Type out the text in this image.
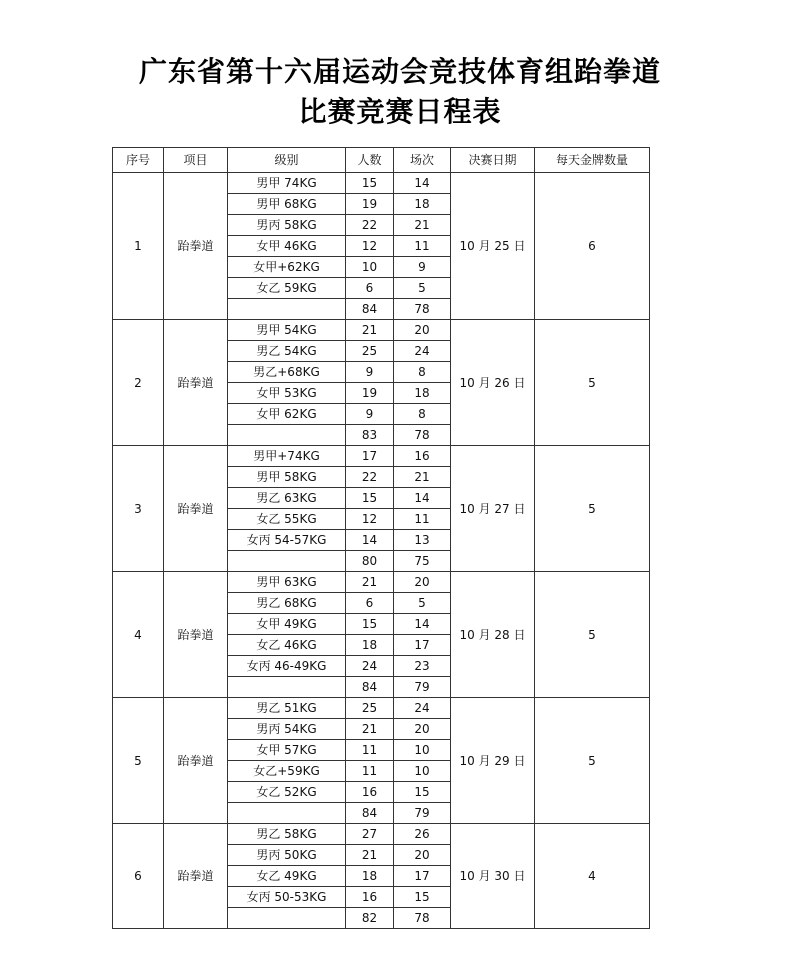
广东省第十六届运动会竞技体育组跆拳道
比赛竞赛日程表
序号	项目	级别	人数	场次	决赛日期	每天金牌数量
1	跆拳道	男甲 74KG	15	14	10 月 25 日	6
		男甲 68KG	19	18		
		男丙 58KG	22	21		
		女甲 46KG	12	11		
		女甲+62KG	10	9		
		女乙 59KG	6	5		
			84	78		
2	跆拳道	男甲 54KG	21	20	10 月 26 日	5
		男乙 54KG	25	24		
		男乙+68KG	9	8		
		女甲 53KG	19	18		
		女甲 62KG	9	8		
			83	78		
3	跆拳道	男甲+74KG	17	16	10 月 27 日	5
		男甲 58KG	22	21		
		男乙 63KG	15	14		
		女乙 55KG	12	11		
		女丙 54-57KG	14	13		
			80	75		
4	跆拳道	男甲 63KG	21	20	10 月 28 日	5
		男乙 68KG	6	5		
		女甲 49KG	15	14		
		女乙 46KG	18	17		
		女丙 46-49KG	24	23		
			84	79		
5	跆拳道	男乙 51KG	25	24	10 月 29 日	5
		男丙 54KG	21	20		
		女甲 57KG	11	10		
		女乙+59KG	11	10		
		女乙 52KG	16	15		
			84	79		
6	跆拳道	男乙 58KG	27	26	10 月 30 日	4
		男丙 50KG	21	20		
		女乙 49KG	18	17		
		女丙 50-53KG	16	15		
			82	78		
